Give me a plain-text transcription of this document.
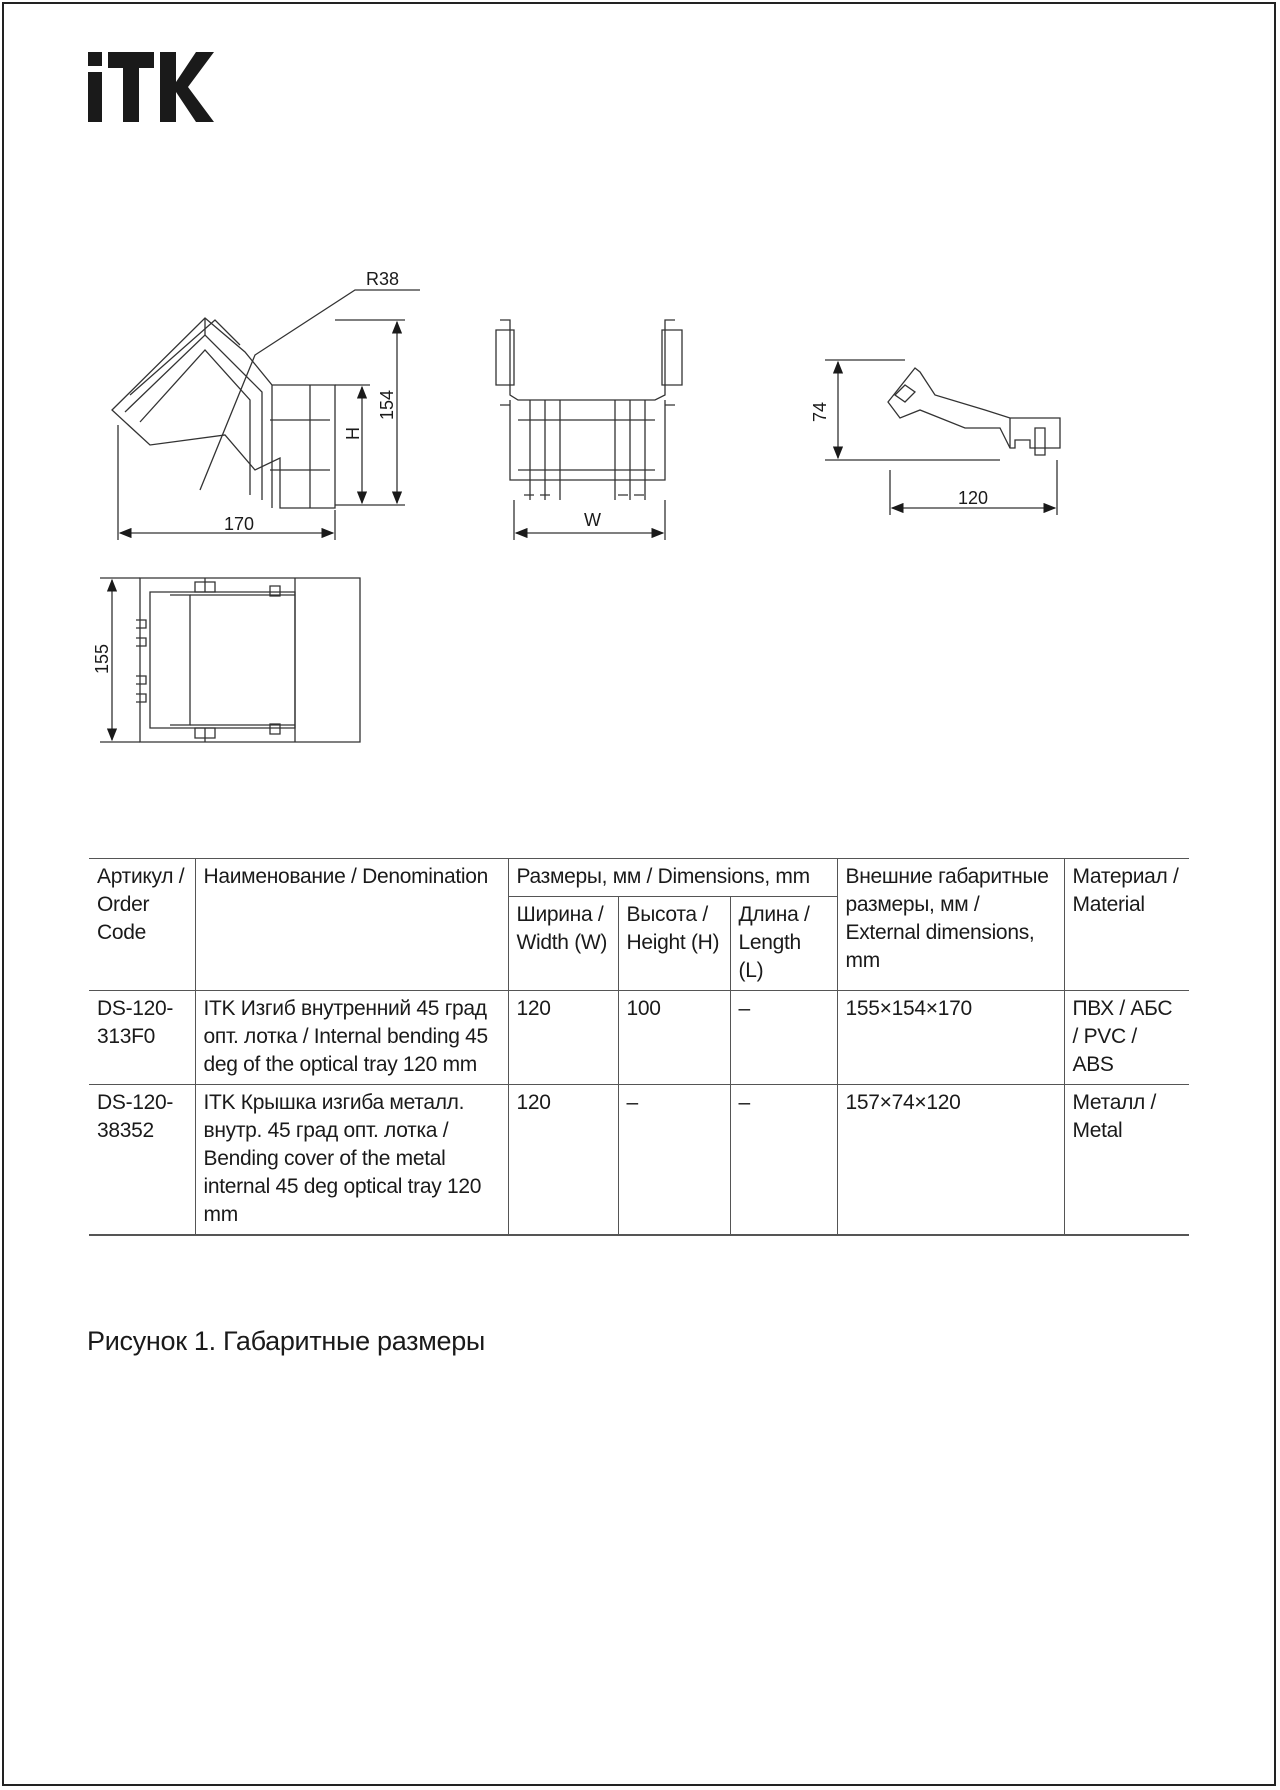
R38
170
154
H
W
74
120
155
Артикул / Order Code	Наименование / Denomination	Размеры, мм / Dimensions, mm			Внешние габаритные размеры, мм / External dimensions, mm	Материал / Material
		Ширина / Width (W)	Высота / Height (H)	Длина / Length (L)		
DS-120-313F0	ITK Изгиб внутренний 45 град опт. лотка / Internal bending 45 deg of the optical tray 120 mm	120	100	–	155×154×170	ПВХ / АБС / PVC / ABS
DS-120-38352	ITK Крышка изгиба металл. внутр. 45 град опт. лотка / Bending cover of the metal internal 45 deg optical tray 120 mm	120	–	–	157×74×120	Металл / Metal
Рисунок 1. Габаритные размеры
